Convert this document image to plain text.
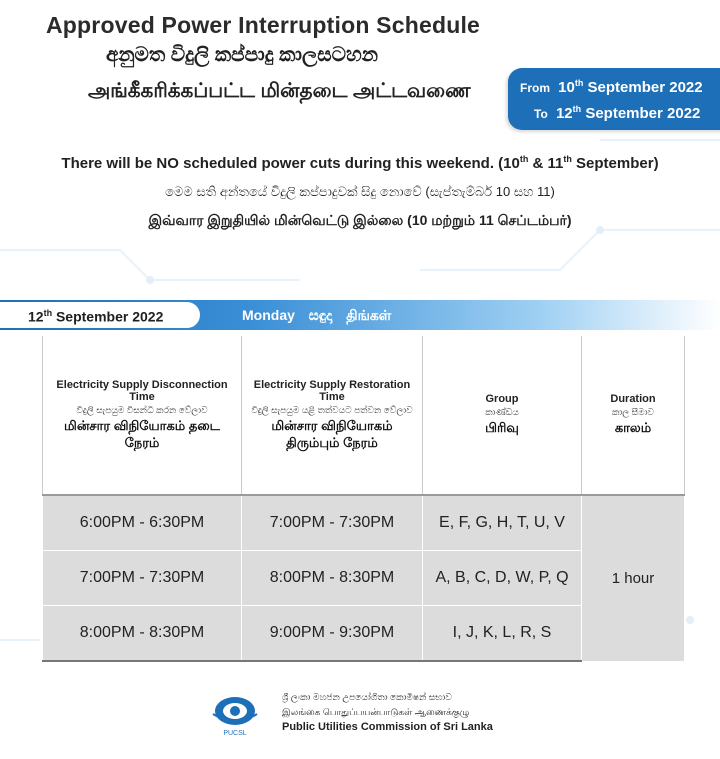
Approved Power Interruption Schedule
අනුමත විදුලි කප්පාදු කාලසටහන
அங்கீகரிக்கப்பட்ட மின்தடை அட்டவணை	From 10th September 2022
To 12th September 2022
There will be NO scheduled power cuts during this weekend. (10th & 11th September)
මෙම සති අන්තයේ විදුලි කප්පාදුවක් සිදු නොවේ (සැප්තැම්බර් 10 සහ 11)
இவ்வார இறுதியில் மின்வெட்டு இல்லை (10 மற்றும் 11 செப்டம்பர்)
12th September 2022	Monday සඳුදා திங்கள்
Electricity Supply Disconnection Time
විදුලි සැපයුම විසන්ධි කරන වේලාව
மின்சார விநியோகம் தடை நேரம்	Electricity Supply Restoration Time
විදුලි සැපයුම යළි තත්වයට පත්වන වේලාව
மின்சார விநியோகம் திரும்பும் நேரம்	Group
කාණ්ඩය
பிரிவு	Duration
කාල සීමාව
காலம்

6:00PM - 6:30PM	7:00PM - 7:30PM	E, F, G, H, T, U, V	1 hour
7:00PM - 7:30PM	8:00PM - 8:30PM	A, B, C, D, W, P, Q	
8:00PM - 8:30PM	9:00PM - 9:30PM	I, J, K, L, R, S	
PUCSL
ශ්‍රී ලංකා මහජන උපයෝගිතා කොමිෂන් සභාව
இலங்கை பொதுப்பயன்பாடுகள் ஆணைக்குழு
Public Utilities Commission of Sri Lanka
